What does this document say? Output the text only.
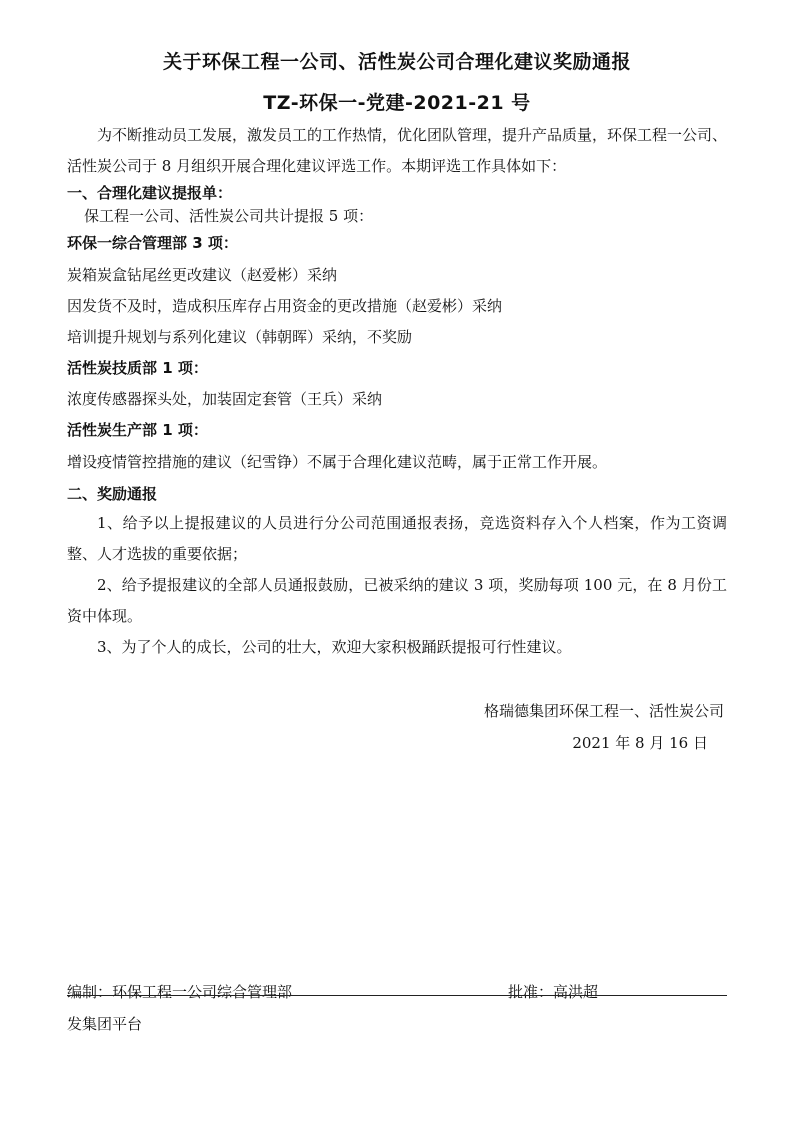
关于环保工程一公司、活性炭公司合理化建议奖励通报
TZ-环保一-党建-2021-21 号

为不断推动员工发展，激发员工的工作热情，优化团队管理，提升产品质量，环保工程一公司、活性炭公司于 8 月组织开展合理化建议评选工作。本期评选工作具体如下：

一、合理化建议提报单：
保工程一公司、活性炭公司共计提报 5 项：
环保一综合管理部 3 项：
炭箱炭盒钻尾丝更改建议（赵爱彬）采纳
因发货不及时，造成积压库存占用资金的更改措施（赵爱彬）采纳
培训提升规划与系列化建议（韩朝晖）采纳，不奖励
活性炭技质部 1 项：
浓度传感器探头处，加装固定套管（王兵）采纳
活性炭生产部 1 项：
增设疫情管控措施的建议（纪雪铮）不属于合理化建议范畴，属于正常工作开展。
二、奖励通报

1、给予以上提报建议的人员进行分公司范围通报表扬，竞选资料存入个人档案，作为工资调整、人才选拔的重要依据；

2、给予提报建议的全部人员通报鼓励，已被采纳的建议 3 项，奖励每项 100 元，在 8 月份工资中体现。

3、为了个人的成长，公司的壮大，欢迎大家积极踊跃提报可行性建议。

格瑞德集团环保工程一、活性炭公司
2021 年 8 月 16 日
编制：环保工程一公司综合管理部	批准：高洪超
发集团平台
